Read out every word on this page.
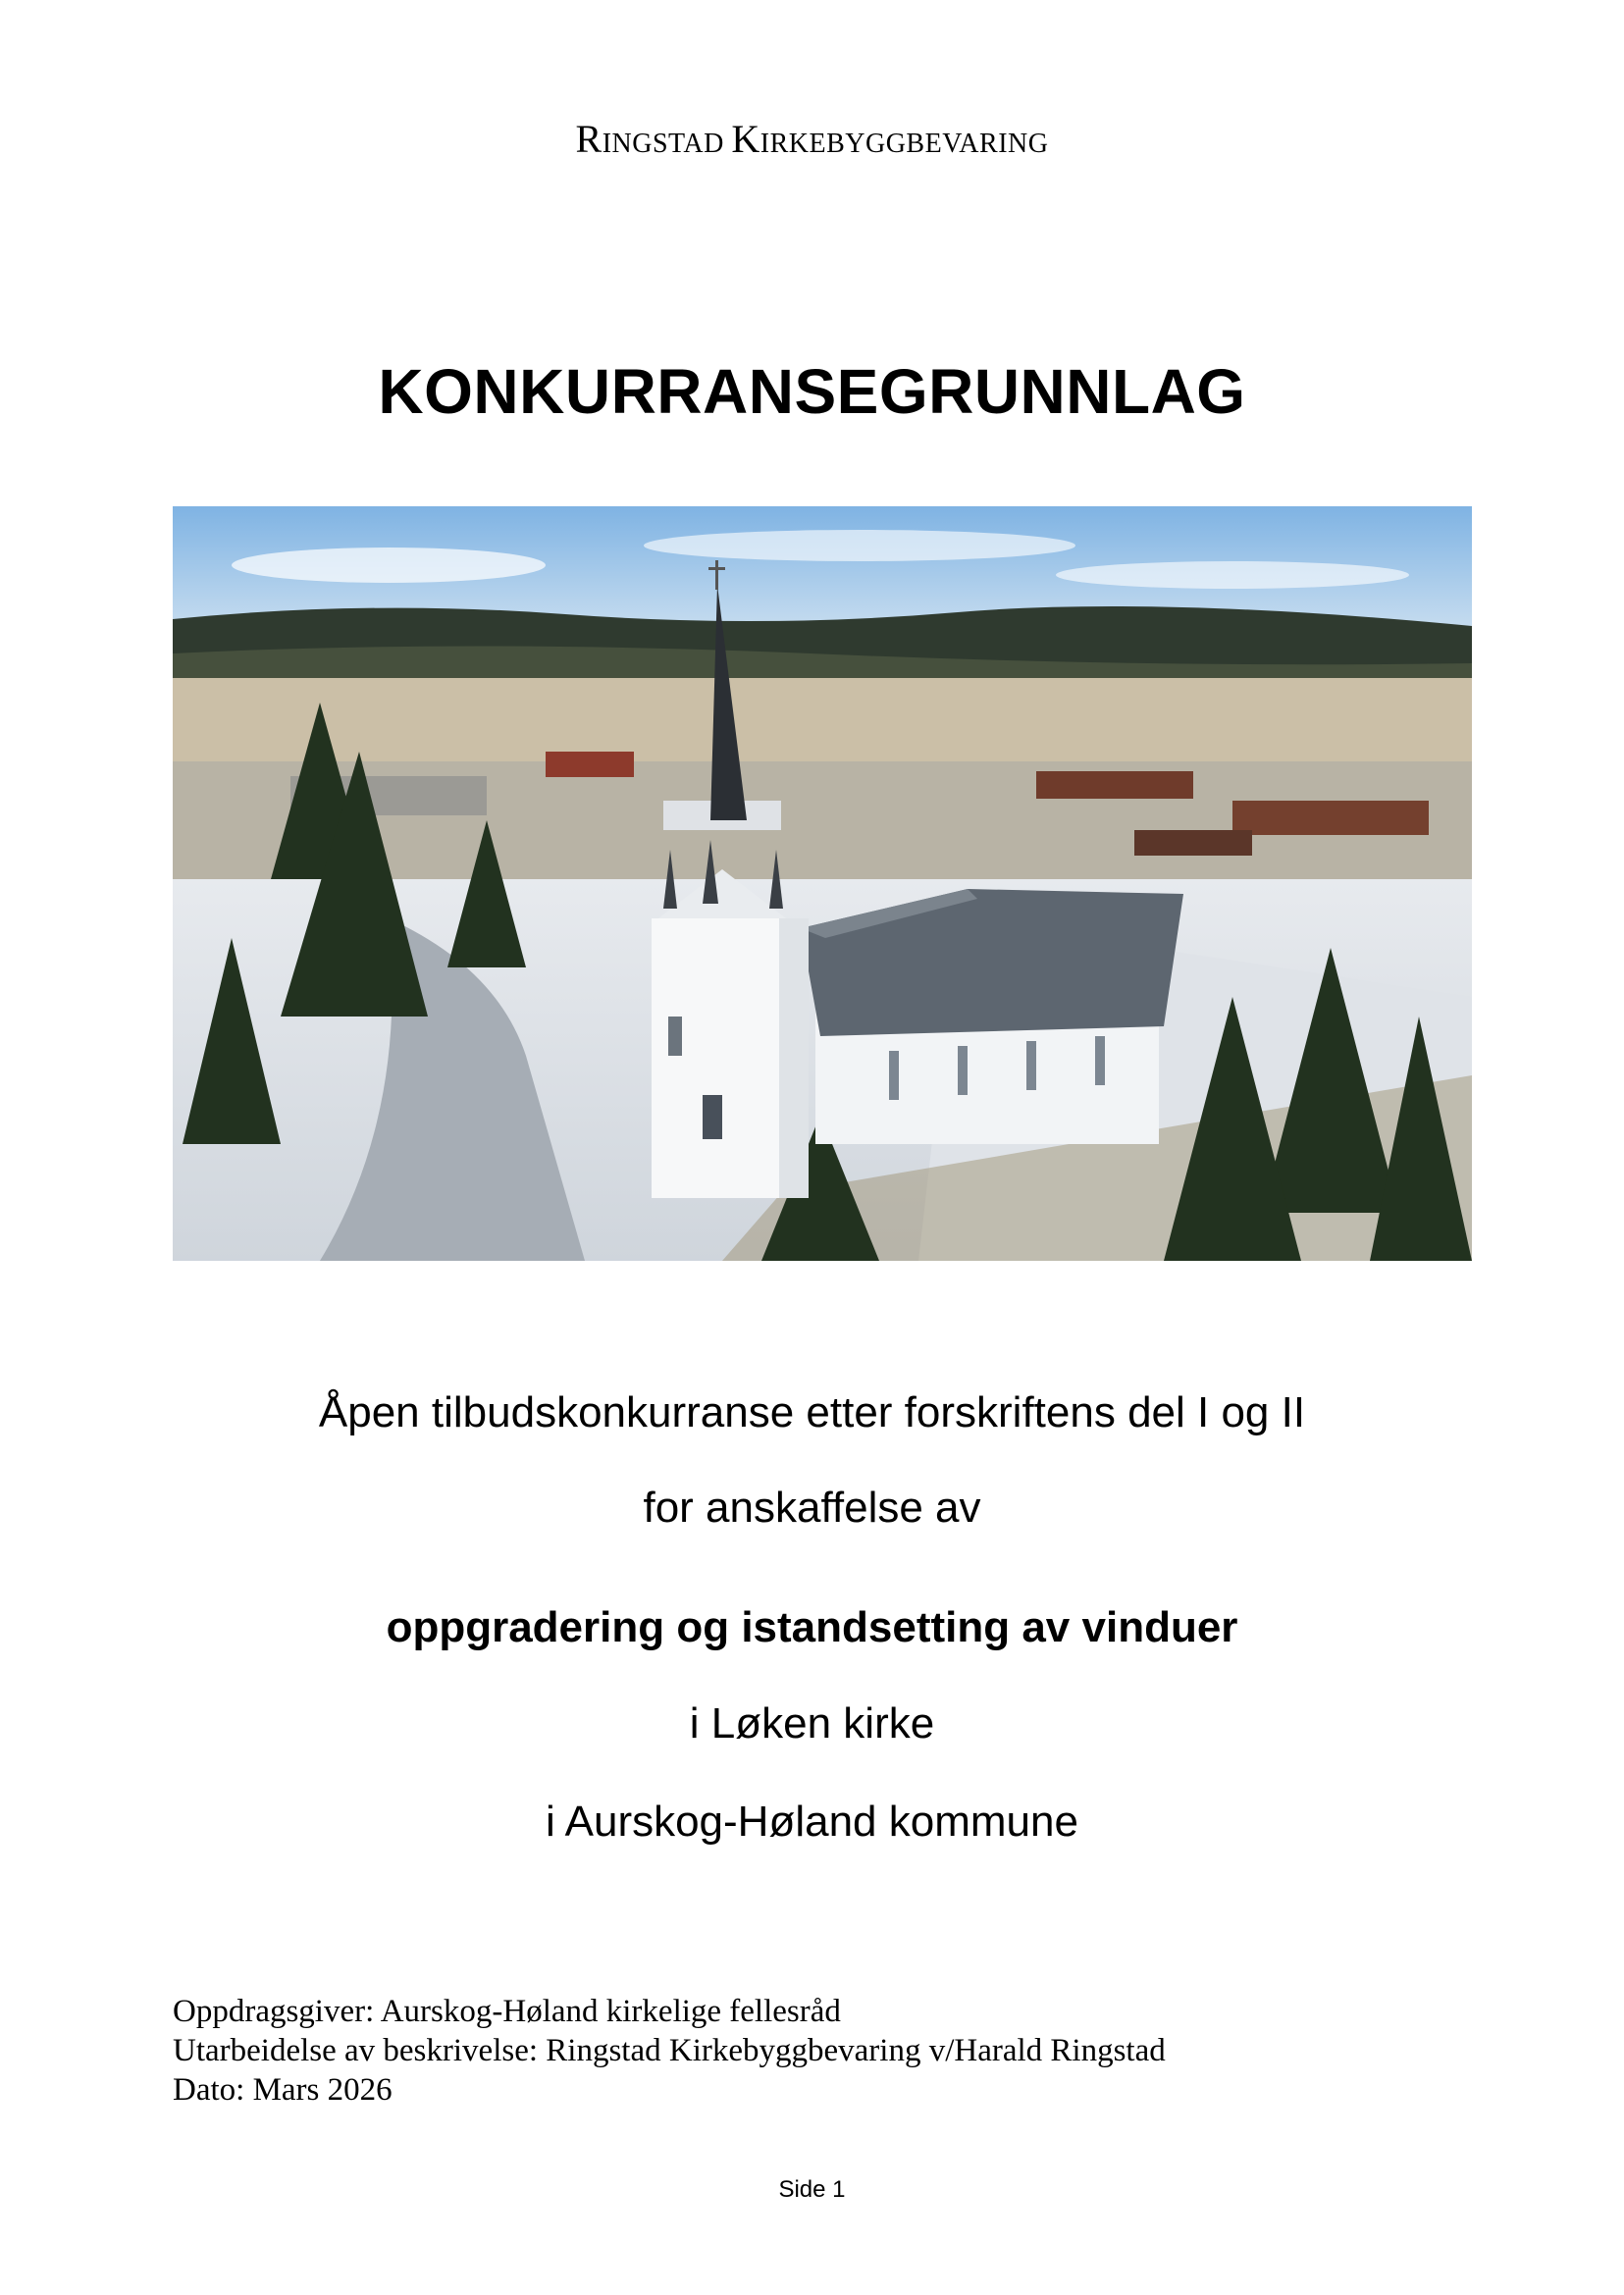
RINGSTAD KIRKEBYGGBEVARING
KONKURRANSEGRUNNLAG
Åpen tilbudskonkurranse etter forskriftens del I og II
for anskaffelse av
oppgradering og istandsetting av vinduer
i Løken kirke
i Aurskog-Høland kommune
Oppdragsgiver: Aurskog-Høland kirkelige fellesråd
Utarbeidelse av beskrivelse: Ringstad Kirkebyggbevaring v/Harald Ringstad
Dato: Mars 2026
Side 1
